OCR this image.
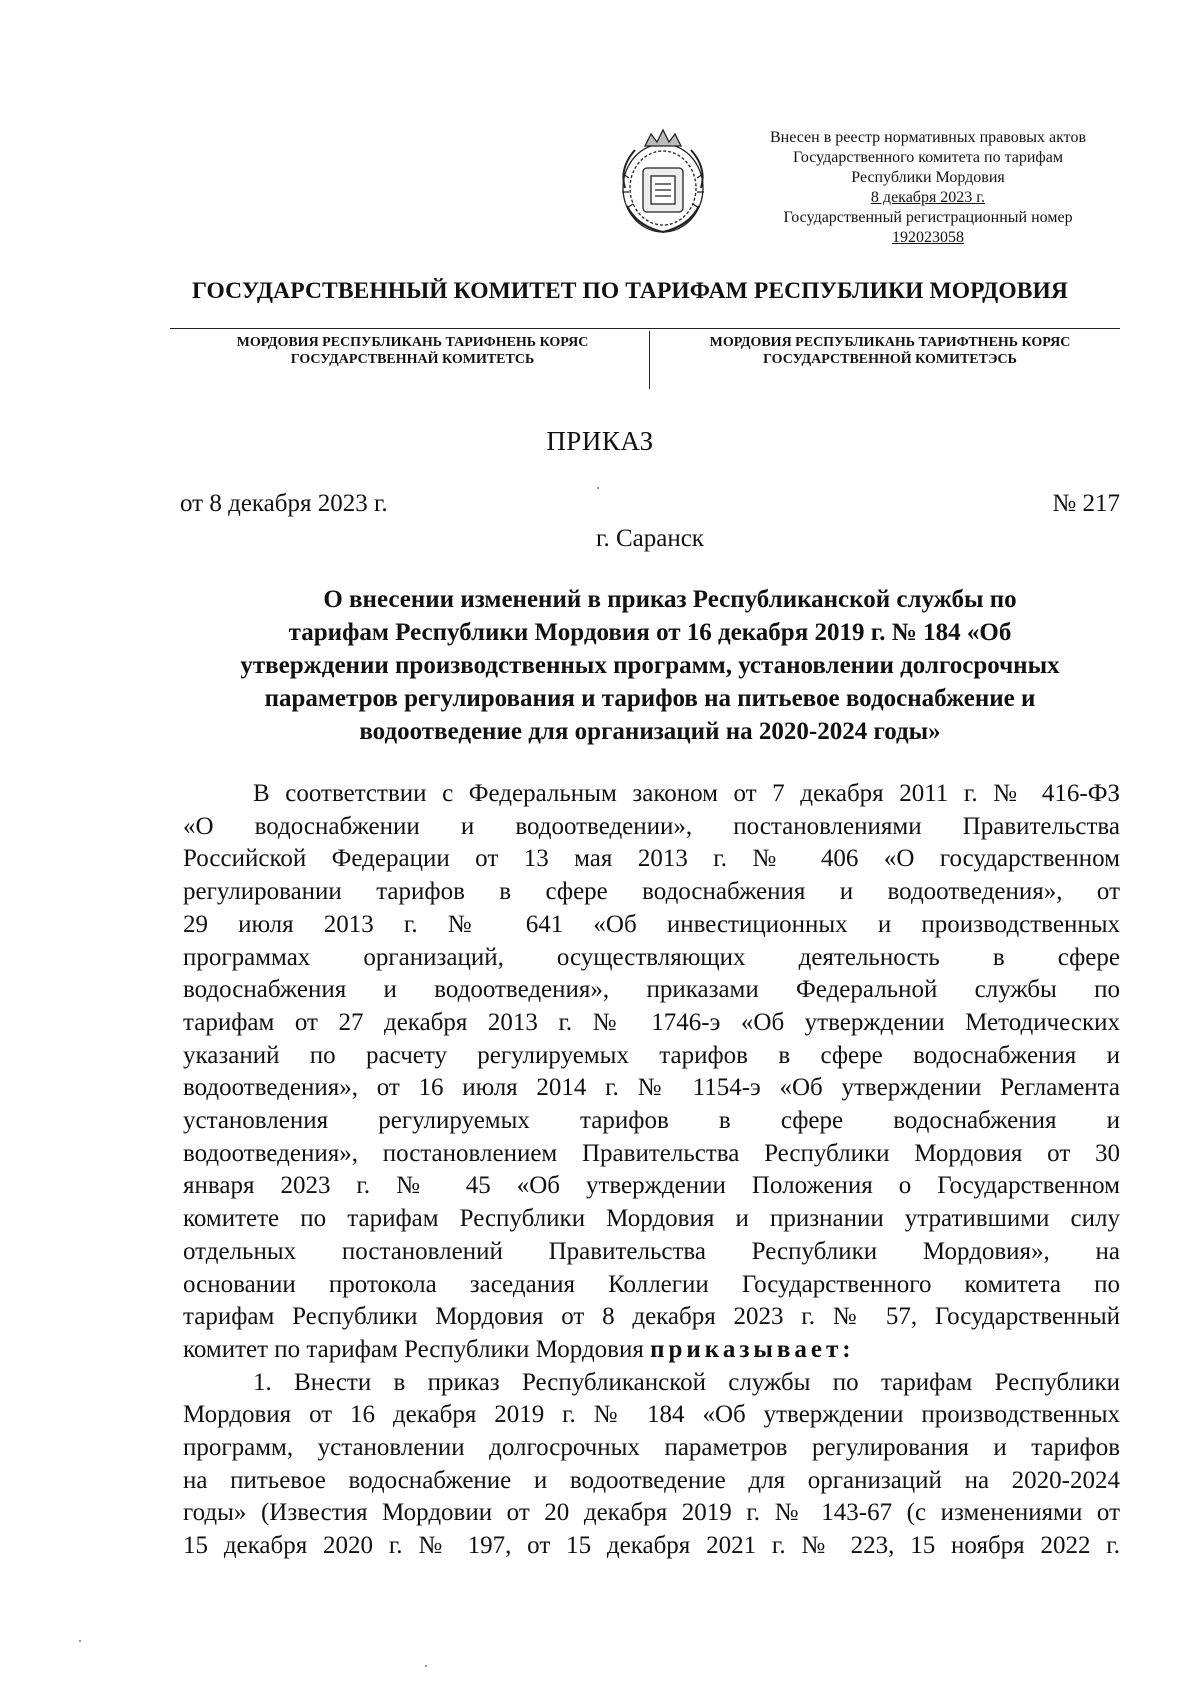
Внесен в реестр нормативных правовых актов
Государственного комитета по тарифам
Республики Мордовия
8 декабря 2023 г.
Государственный регистрационный номер
192023058
ГОСУДАРСТВЕННЫЙ КОМИТЕТ ПО ТАРИФАМ РЕСПУБЛИКИ МОРДОВИЯ
МОРДОВИЯ РЕСПУБЛИКАНЬ ТАРИФНЕНЬ КОРЯС
ГОСУДАРСТВЕННАЙ КОМИТЕТСЬ
МОРДОВИЯ РЕСПУБЛИКАНЬ ТАРИФТНЕНЬ КОРЯС
ГОСУДАРСТВЕННОЙ КОМИТЕТЭСЬ
ПРИКАЗ
от 8 декабря 2023 г.	№ 217
г. Саранск
О внесении изменений в приказ Республиканской службы по
тарифам Республики Мордовия от 16 декабря 2019 г. № 184 «Об
утверждении производственных программ, установлении долгосрочных
параметров регулирования и тарифов на питьевое водоснабжение и
водоотведение для организаций на 2020-2024 годы»
В соответствии с Федеральным законом от 7 декабря 2011 г. № 416-ФЗ
«О водоснабжении и водоотведении», постановлениями Правительства
Российской Федерации от 13 мая 2013 г. № 406 «О государственном
регулировании тарифов в сфере водоснабжения и водоотведения», от
29 июля 2013 г. № 641 «Об инвестиционных и производственных
программах организаций, осуществляющих деятельность в сфере
водоснабжения и водоотведения», приказами Федеральной службы по
тарифам от 27 декабря 2013 г. № 1746-э «Об утверждении Методических
указаний по расчету регулируемых тарифов в сфере водоснабжения и
водоотведения», от 16 июля 2014 г. № 1154-э «Об утверждении Регламента
установления регулируемых тарифов в сфере водоснабжения и
водоотведения», постановлением Правительства Республики Мордовия от 30
января 2023 г. № 45 «Об утверждении Положения о Государственном
комитете по тарифам Республики Мордовия и признании утратившими силу
отдельных постановлений Правительства Республики Мордовия», на
основании протокола заседания Коллегии Государственного комитета по
тарифам Республики Мордовия от 8 декабря 2023 г. № 57, Государственный
комитет по тарифам Республики Мордовия приказывает:
1. Внести в приказ Республиканской службы по тарифам Республики
Мордовия от 16 декабря 2019 г. № 184 «Об утверждении производственных
программ, установлении долгосрочных параметров регулирования и тарифов
на питьевое водоснабжение и водоотведение для организаций на 2020-2024
годы» (Известия Мордовии от 20 декабря 2019 г. № 143-67 (с изменениями от
15 декабря 2020 г. № 197, от 15 декабря 2021 г. № 223, 15 ноября 2022 г.
